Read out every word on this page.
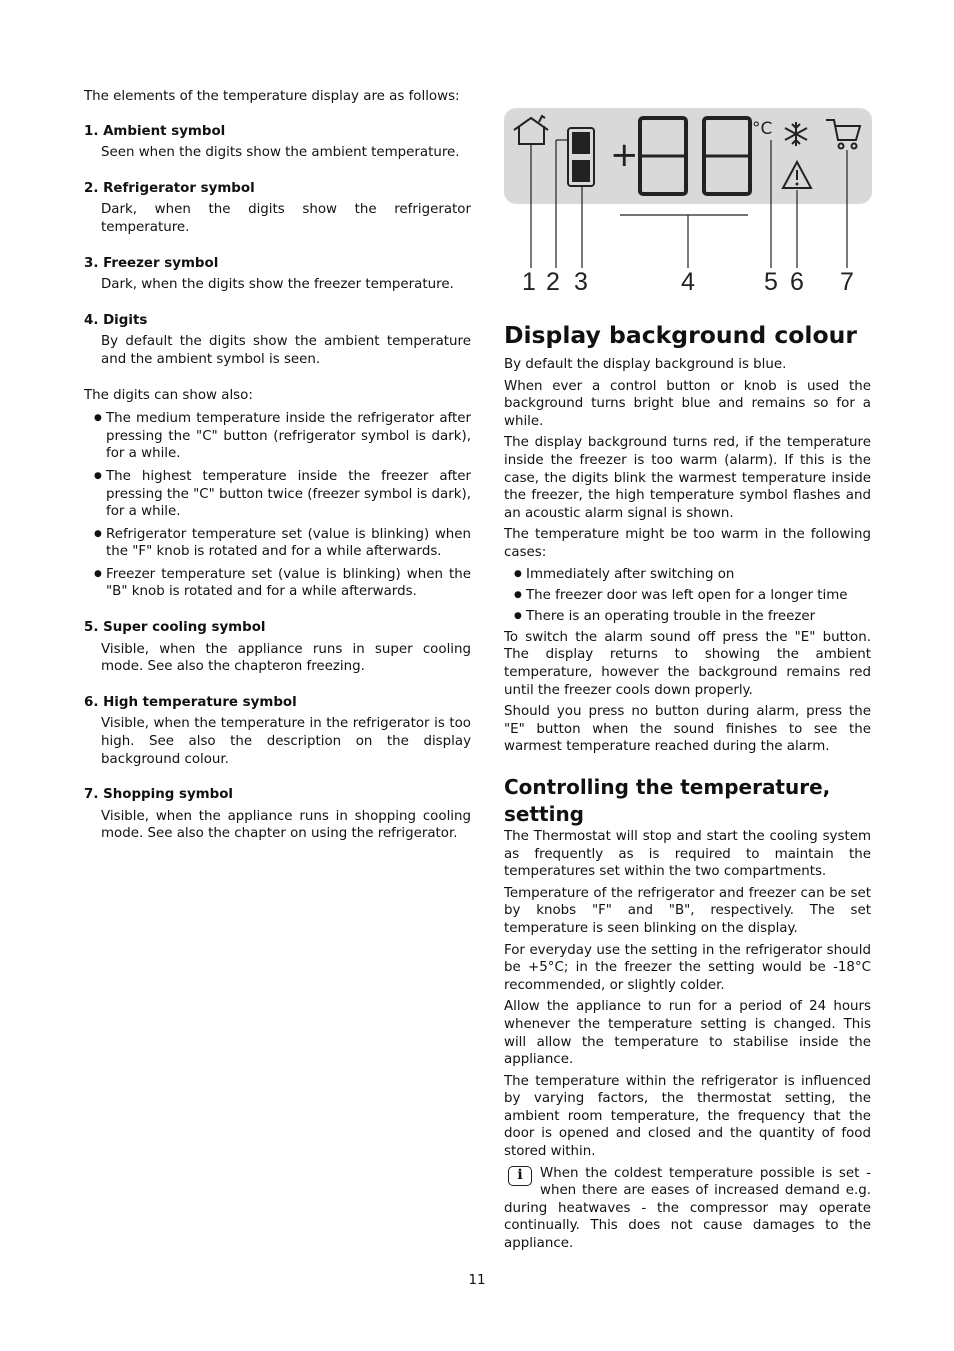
The elements of the temperature display are as follows:

1. Ambient symbol
Seen when the digits show the ambient temperature.
2. Refrigerator symbol
Dark, when the digits show the refrigerator temperature.
3. Freezer symbol
Dark, when the digits show the freezer temperature.
4. Digits
By default the digits show the ambient temperature and the ambient symbol is seen.

The digits can show also:

● The medium temperature inside the refrigerator after pressing the "C" button (refrigerator symbol is dark), for a while.
● The highest temperature inside the freezer after pressing the "C" button twice (freezer symbol is dark), for a while.
● Refrigerator temperature set (value is blinking) when the "F" knob is rotated and for a while afterwards.
● Freezer temperature set (value is blinking) when the "B" knob is rotated and for a while afterwards.
5. Super cooling symbol
Visible, when the appliance runs in super cooling mode. See also the chapteron freezing.
6. High temperature symbol
Visible, when the temperature in the refrigerator is too high. See also the description on the display background colour.
7. Shopping symbol
Visible, when the appliance runs in shopping cooling mode. See also the chapter on using the refrigerator.
+
°C
1 2 3	4	5 6 7
Display background colour

By default the display background is blue.

When ever a control button or knob is used the background turns bright blue and remains so for a while.

The display background turns red, if the temperature inside the freezer is too warm (alarm). If this is the case, the digits blink the warmest temperature inside the freezer, the high temperature symbol flashes and an acoustic alarm signal is shown.

The temperature might be too warm in the following cases:

● Immediately after switching on
● The freezer door was left open for a longer time
● There is an operating trouble in the freezer

To switch the alarm sound off press the "E" button. The display returns to showing the ambient temperature, however the background remains red until the freezer cools down properly.

Should you press no button during alarm, press the "E" button when the sound finishes to see the warmest temperature reached during the alarm.

Controlling the temperature, setting

The Thermostat will stop and start the cooling system as frequently as is required to maintain the temperatures set within the two compartments.

Temperature of the refrigerator and freezer can be set by knobs "F" and "B", respectively. The set temperature is seen blinking on the display.

For everyday use the setting in the refrigerator should be +5°C; in the freezer the setting would be -18°C recommended, or slightly colder.

Allow the appliance to run for a period of 24 hours whenever the temperature setting is changed. This will allow the temperature to stabilise inside the appliance.

The temperature within the refrigerator is influenced by varying factors, the thermostat setting, the ambient room temperature, the frequency that the door is opened and closed and the quantity of food stored within.

i	When the coldest temperature possible is set - when there are eases of increased demand e.g. during heatwaves - the compressor may operate continually. This does not cause damages to the appliance.
11
